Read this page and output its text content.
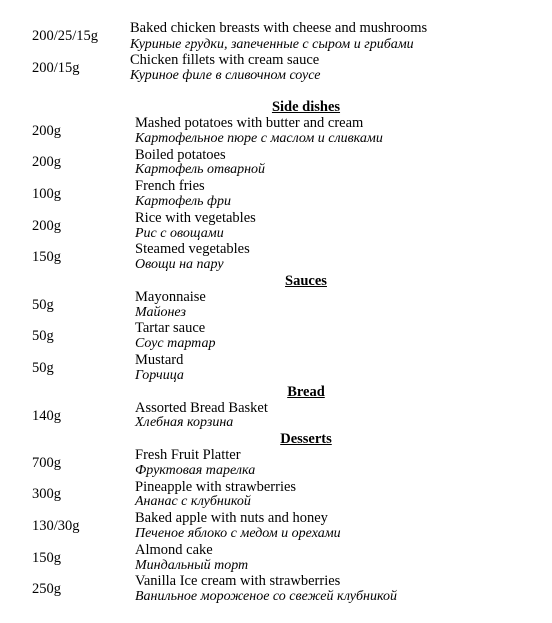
Baked chicken breasts with cheese and mushrooms
200/25/15g
Куриные грудки, запеченные с сыром и грибами
Chicken fillets with cream sauce
200/15g	Куриное филе в сливочном соусе
Side dishes
Mashed potatoes with butter and cream
200g	Картофельное пюре с маслом и сливками
Boiled potatoes
200g	Картофель отварной
French fries
100g	Картофель фри
Rice with vegetables
200g	Рис с овощами
Steamed vegetables
150g	Овощи на пару
Sauces
Mayonnaise
50g	Майонез
Tartar sauce
50g	Соус тартар
Mustard
50g	Горчица
Bread
Assorted Bread Basket
140g	Хлебная корзина
Desserts
Fresh Fruit Platter
700g	Фруктовая тарелка
Pineapple with strawberries
300g	Ананас с клубникой
Baked apple with nuts and honey
130/30g	Печеное яблоко с медом и орехами
Almond cake
150g	Миндальный торт
Vanilla Ice cream with strawberries
250g	Ванильное мороженое со свежей клубникой
